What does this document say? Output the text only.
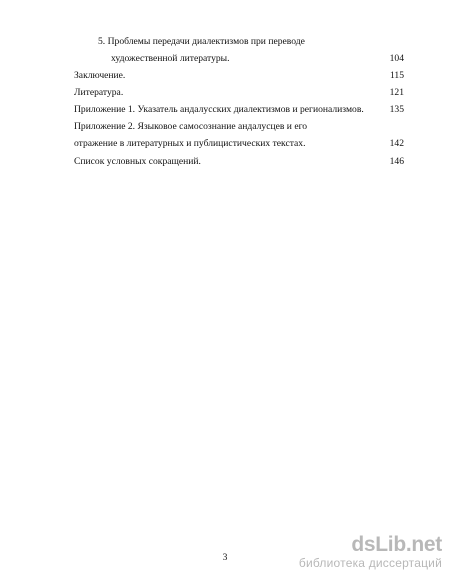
5. Проблемы передачи диалектизмов при переводе
художественной литературы.	104
Заключение.	115
Литература.	121
Приложение 1. Указатель андалусских диалектизмов и регионализмов.	135
Приложение 2. Языковое самосознание андалусцев и его
отражение в литературных и публицистических текстах.	142
Список условных сокращений.	146
3
dsLib.net
библиотека диссертаций
